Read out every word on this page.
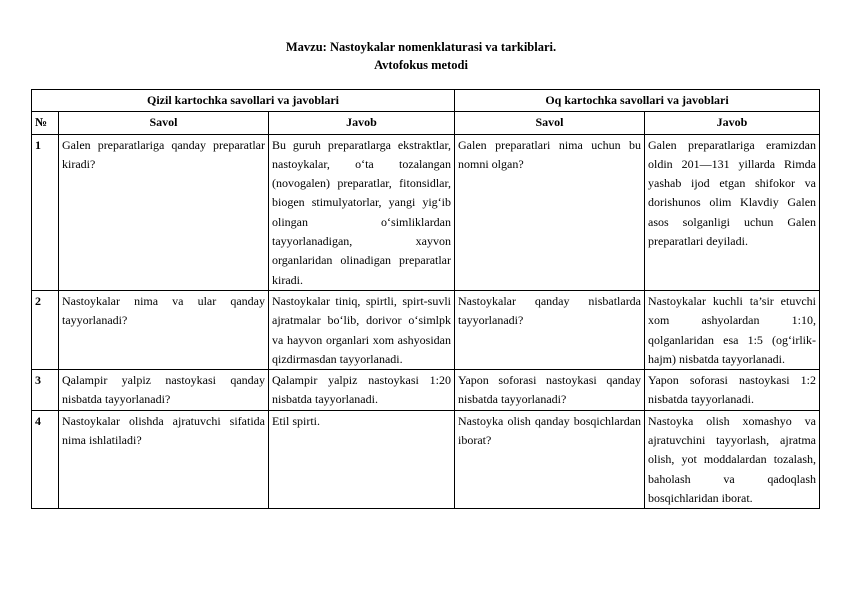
Mavzu: Nastoykalar nomenklaturasi va tarkiblari.
Avtofokus metodi
Qizil kartochka savollari va javoblari			Oq kartochka savollari va javoblari	
№	Savol	Javob	Savol	Javob
1	Galen preparatlariga qanday preparatlar kiradi?	Bu guruh preparatlarga ekstraktlar, nastoykalar, o‘ta tozalangan (novogalen) preparatlar, fitonsidlar, biogen stimulyatorlar, yangi yig‘ib olingan o‘simliklardan tayyorlanadigan, xayvon organlaridan olinadigan preparatlar kiradi.	Galen preparatlari nima uchun bu nomni olgan?	Galen preparatlariga eramizdan oldin 201—131 yillarda Rimda yashab ijod etgan shifokor va dorishunos olim Klavdiy Galen asos solganligi uchun Galen preparatlari deyiladi.
2	Nastoykalar nima va ular qanday tayyorlanadi?	Nastoykalar tiniq, spirtli, spirt-suvli ajratmalar bo‘lib, dorivor o‘simlpk va hayvon organlari xom ashyosidan qizdirmasdan tayyorlanadi.	Nastoykalar qanday nisbatlarda tayyorlanadi?	Nastoykalar kuchli ta’sir etuvchi xom ashyolardan 1:10, qolganlaridan esa 1:5 (og‘irlik-hajm) nisbatda tayyorlanadi.
3	Qalampir yalpiz nastoykasi qanday nisbatda tayyorlanadi?	Qalampir yalpiz nastoykasi 1:20 nisbatda tayyorlanadi.	Yapon soforasi nastoykasi qanday nisbatda tayyorlanadi?	Yapon soforasi nastoykasi 1:2 nisbatda tayyorlanadi.
4	Nastoykalar olishda ajratuvchi sifatida nima ishlatiladi?	Etil spirti.	Nastoyka olish qanday bosqichlardan iborat?	Nastoyka olish xomashyo va ajratuvchini tayyorlash, ajratma olish, yot moddalardan tozalash, baholash va qadoqlash bosqichlaridan iborat.
